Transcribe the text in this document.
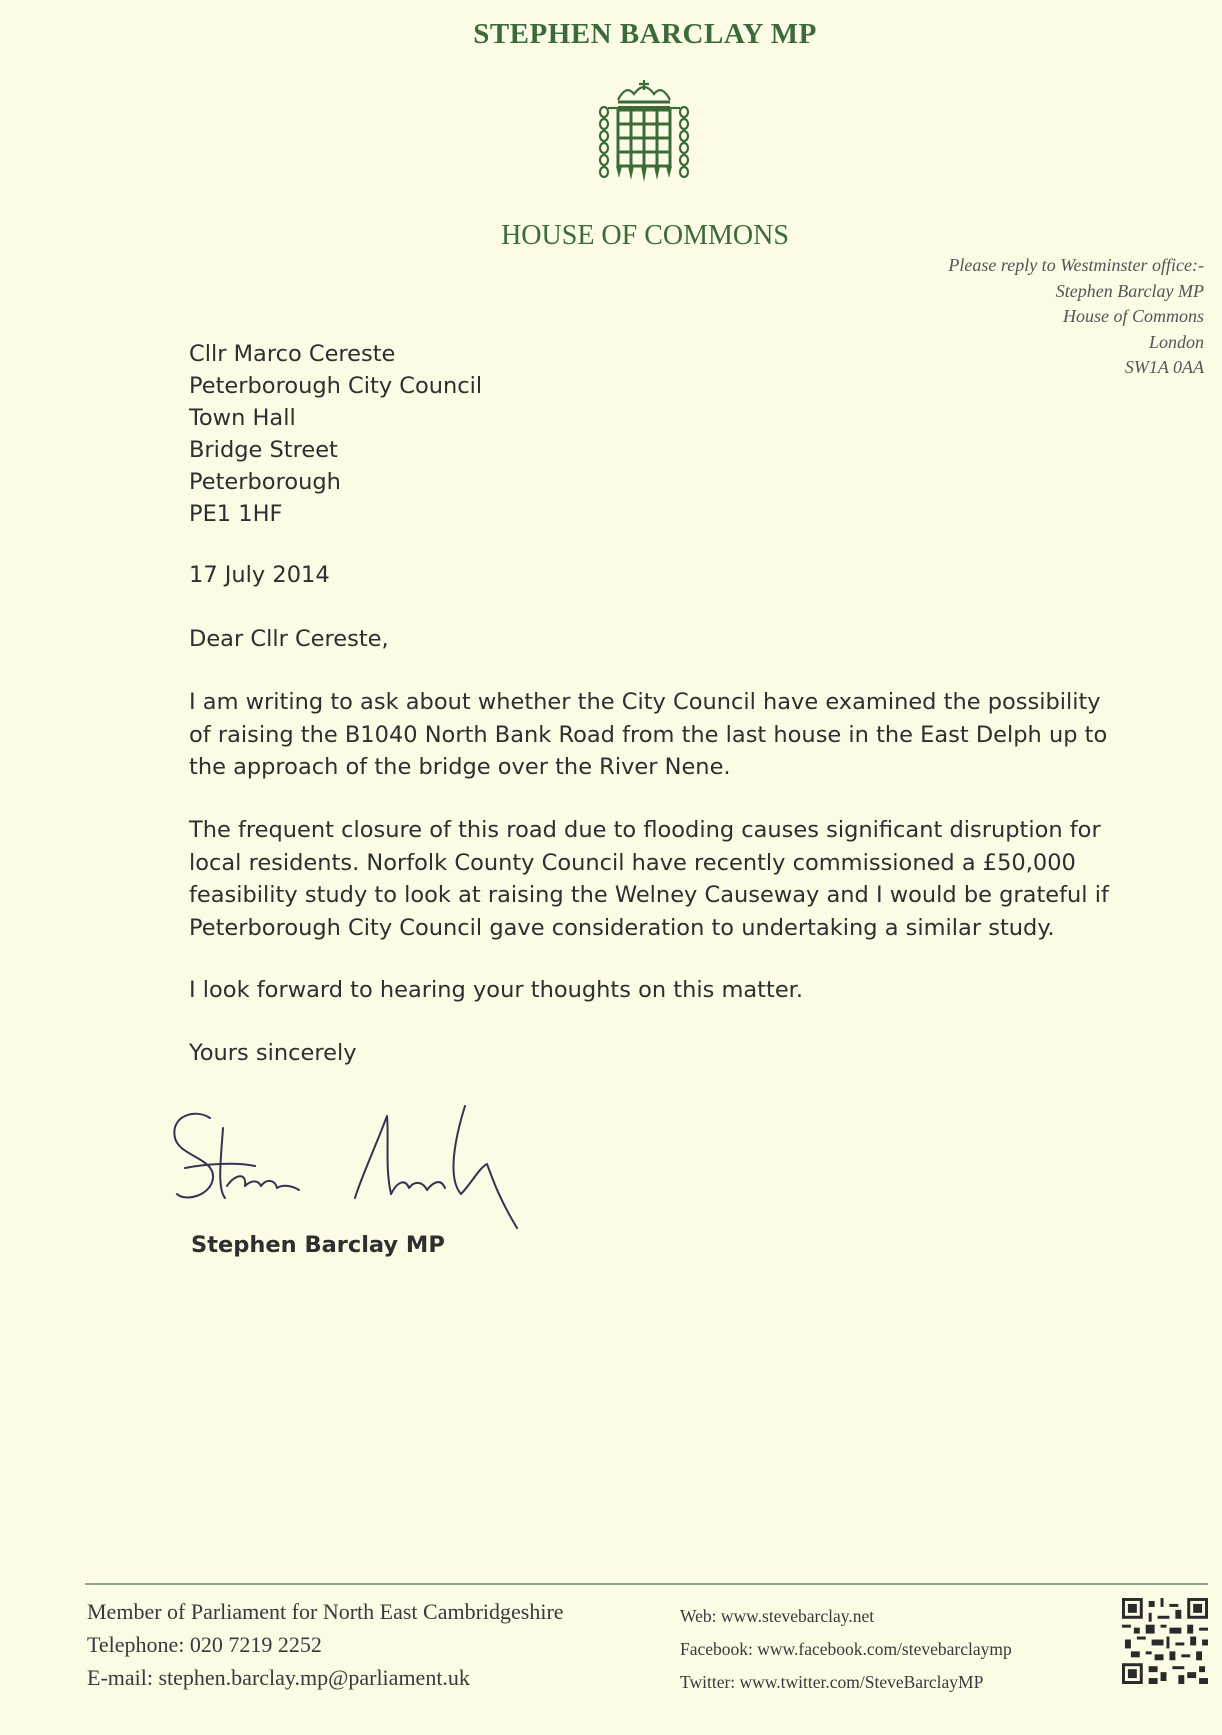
STEPHEN BARCLAY MP
HOUSE OF COMMONS
Please reply to Westminster office:-
Stephen Barclay MP
House of Commons
London
SW1A 0AA
Cllr Marco Cereste
Peterborough City Council
Town Hall
Bridge Street
Peterborough
PE1 1HF
17 July 2014
Dear Cllr Cereste,
I am writing to ask about whether the City Council have examined the possibility of raising the B1040 North Bank Road from the last house in the East Delph up to the approach of the bridge over the River Nene.
The frequent closure of this road due to flooding causes significant disruption for local residents. Norfolk County Council have recently commissioned a £50,000 feasibility study to look at raising the Welney Causeway and I would be grateful if Peterborough City Council gave consideration to undertaking a similar study.
I look forward to hearing your thoughts on this matter.
Yours sincerely
Stephen Barclay MP
Member of Parliament for North East Cambridgeshire
Telephone: 020 7219 2252
E-mail: stephen.barclay.mp@parliament.uk
Web: www.stevebarclay.net
Facebook: www.facebook.com/stevebarclaymp
Twitter: www.twitter.com/SteveBarclayMP
